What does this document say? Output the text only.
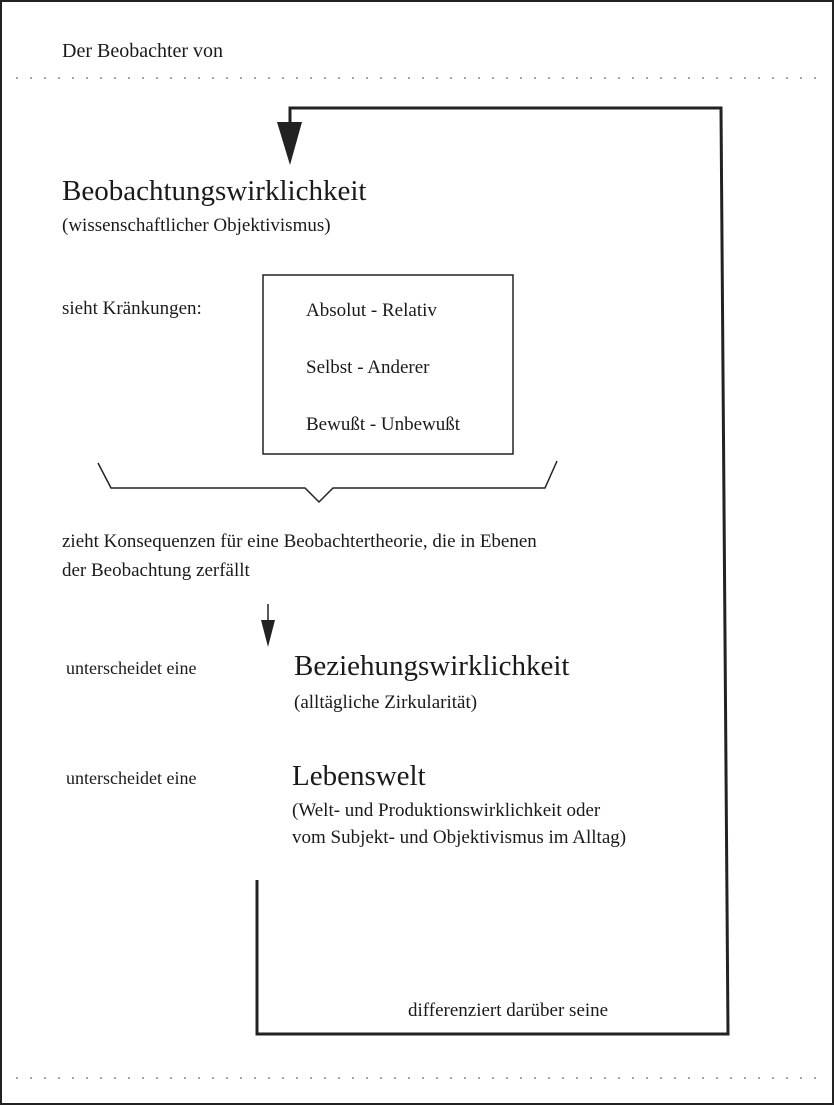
Der Beobachter von
Beobachtungswirklichkeit
(wissenschaftlicher Objektivismus)
sieht Kränkungen:	Absolut - Relativ
Selbst - Anderer
Bewußt - Unbewußt
zieht Konsequenzen für eine Beobachtertheorie, die in Ebenen
der Beobachtung zerfällt
unterscheidet eine	Beziehungswirklichkeit
(alltägliche Zirkularität)
unterscheidet eine	Lebenswelt
(Welt- und Produktionswirklichkeit oder
vom Subjekt- und Objektivismus im Alltag)
differenziert darüber seine
